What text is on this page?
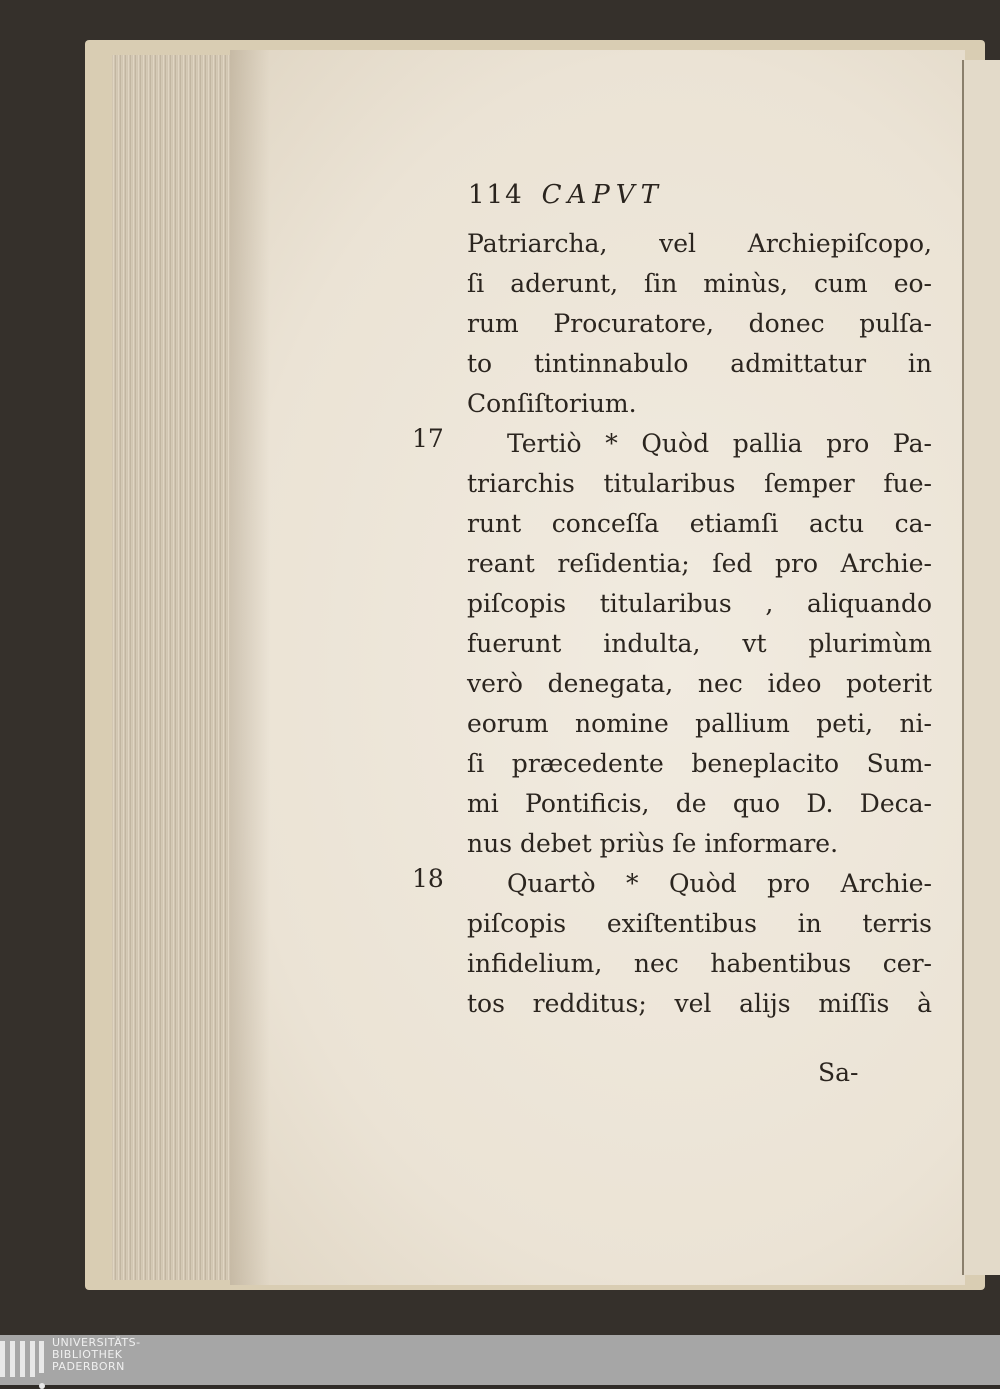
114 CAPVT
17
18
Patriarcha, vel Archiepiſcopo,
ſi aderunt, ſin minùs, cum eo-
rum Procuratore, donec pulſa-
to tintinnabulo admittatur in
Conſiſtorium.
Tertiò * Quòd pallia pro Pa-
triarchis titularibus ſemper fue-
runt conceſſa etiamſi actu ca-
reant reſidentia; ſed pro Archie-
piſcopis titularibus , aliquando
fuerunt indulta, vt plurimùm
verò denegata, nec ideo poterit
eorum nomine pallium peti, ni-
ſi præcedente beneplacito Sum-
mi Pontificis, de quo D. Deca-
nus debet priùs ſe informare.
Quartò * Quòd pro Archie-
piſcopis exiſtentibus in terris
infidelium, nec habentibus cer-
tos redditus; vel alijs miſſis à
Sa-
UNIVERSITÄTS-
BIBLIOTHEK
PADERBORN
